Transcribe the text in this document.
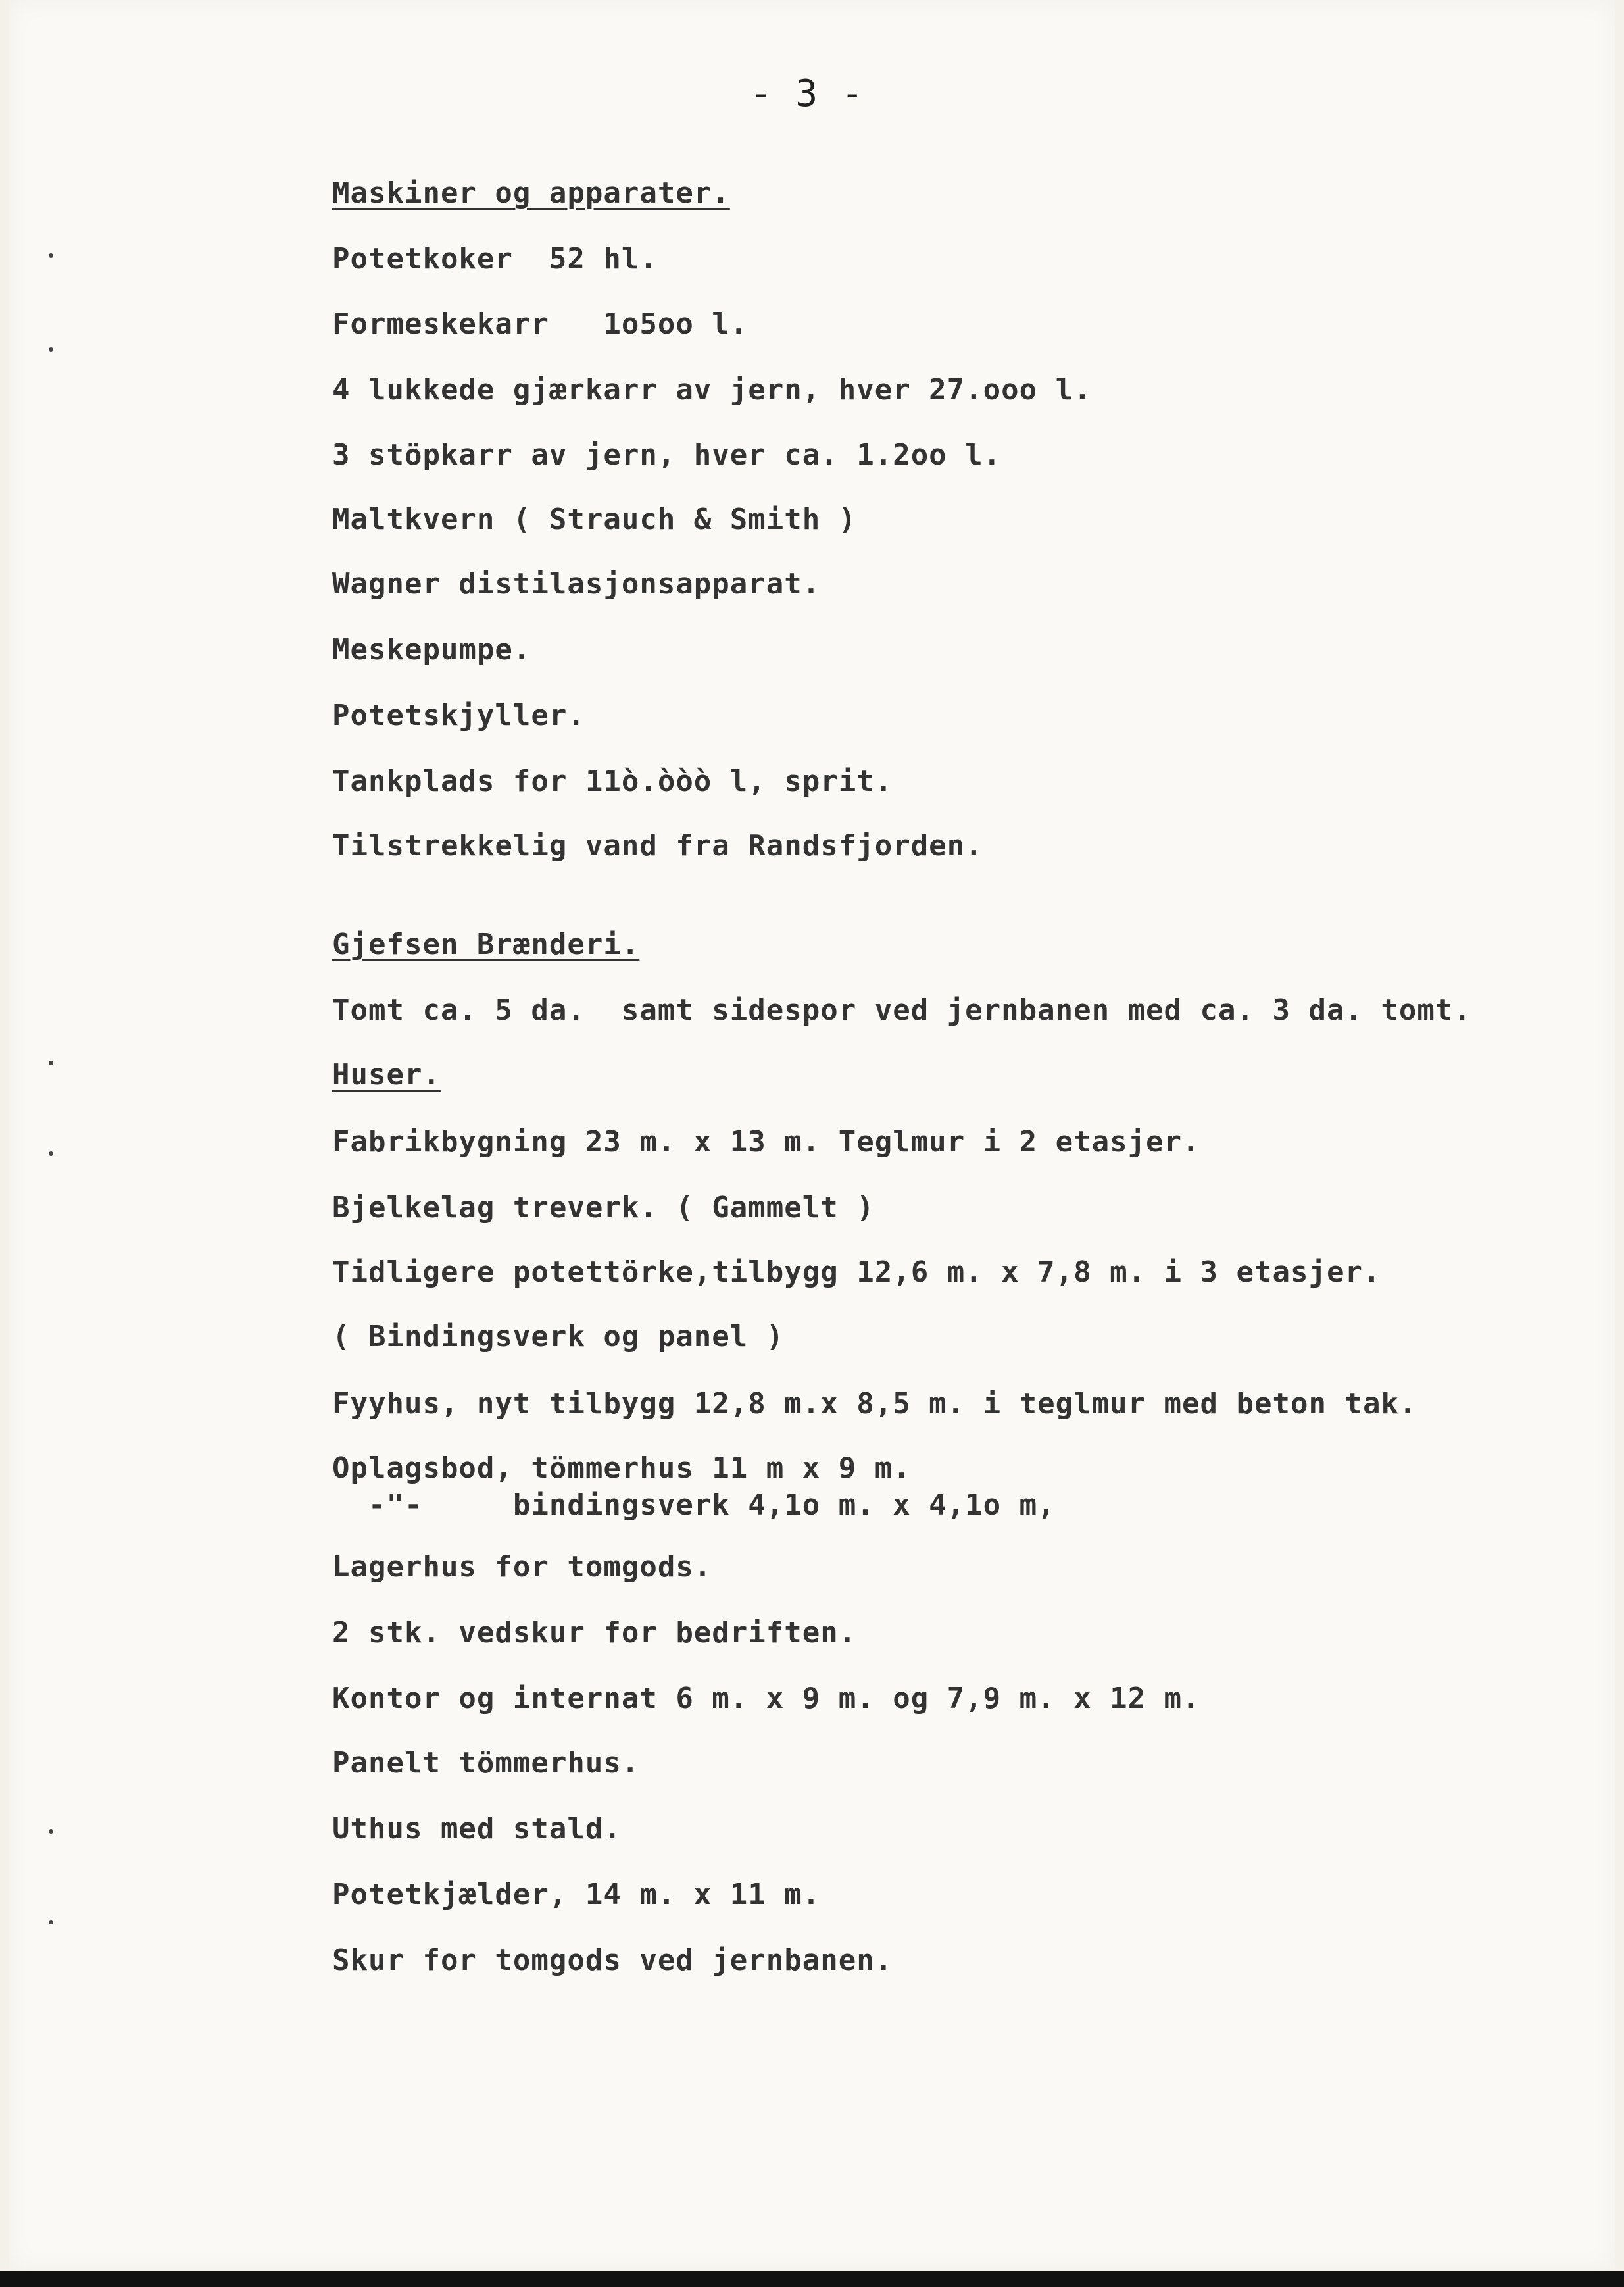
- 3 -
Maskiner og apparater.
Potetkoker  52 hl.
Formeskekarr   1o5oo l.
4 lukkede gjærkarr av jern, hver 27.ooo l.
3 stöpkarr av jern, hver ca. 1.2oo l.
Maltkvern ( Strauch & Smith )
Wagner distilasjonsapparat.
Meskepumpe.
Potetskjyller.
Tankplads for 11ò.òòò l, sprit.
Tilstrekkelig vand fra Randsfjorden.
Gjefsen Brænderi.
Tomt ca. 5 da.  samt sidespor ved jernbanen med ca. 3 da. tomt.
Huser.
Fabrikbygning 23 m. x 13 m. Teglmur i 2 etasjer.
Bjelkelag treverk. ( Gammelt )
Tidligere potettörke,tilbygg 12,6 m. x 7,8 m. i 3 etasjer.
( Bindingsverk og panel )
Fyyhus, nyt tilbygg 12,8 m.x 8,5 m. i teglmur med beton tak.
Oplagsbod, tömmerhus 11 m x 9 m.
-"-     bindingsverk 4,1o m. x 4,1o m,
Lagerhus for tomgods.
2 stk. vedskur for bedriften.
Kontor og internat 6 m. x 9 m. og 7,9 m. x 12 m.
Panelt tömmerhus.
Uthus med stald.
Potetkjælder, 14 m. x 11 m.
Skur for tomgods ved jernbanen.
